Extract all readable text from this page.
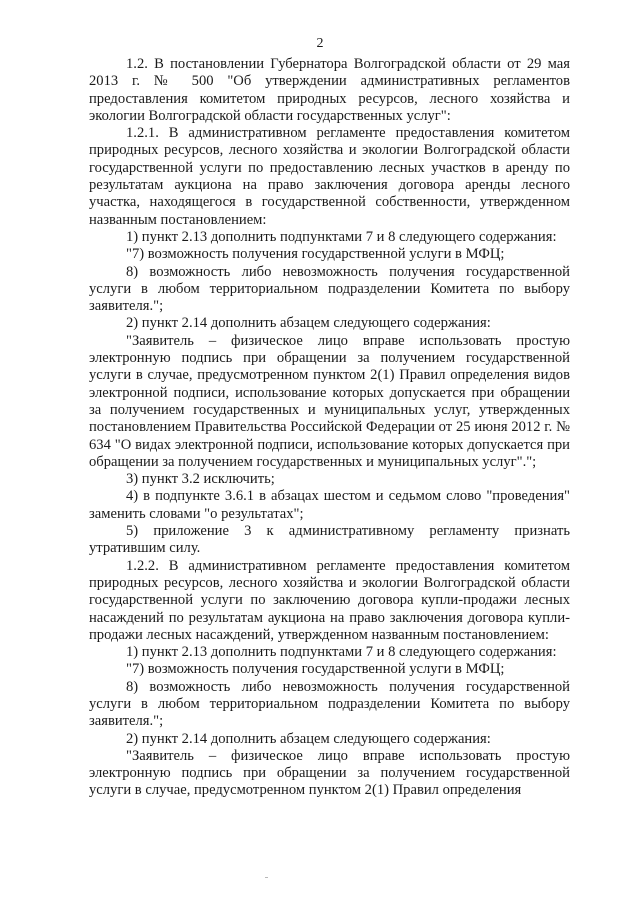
2

1.2. В постановлении Губернатора Волгоградской области от 29 мая 2013 г. № 500 "Об утверждении административных регламентов предоставления комитетом природных ресурсов, лесного хозяйства и экологии Волгоградской области государственных услуг":

1.2.1. В административном регламенте предоставления комитетом природных ресурсов, лесного хозяйства и экологии Волгоградской области государственной услуги по предоставлению лесных участков в аренду по результатам аукциона на право заключения договора аренды лесного участка, находящегося в государственной собственности, утвержденном названным постановлением:

1) пункт 2.13 дополнить подпунктами 7 и 8 следующего содержания:

"7) возможность получения государственной услуги в МФЦ;

8) возможность либо невозможность получения государственной услуги в любом территориальном подразделении Комитета по выбору заявителя.";

2) пункт 2.14 дополнить абзацем следующего содержания:

"Заявитель – физическое лицо вправе использовать простую электронную подпись при обращении за получением государственной услуги в случае, предусмотренном пунктом 2(1) Правил определения видов электронной подписи, использование которых допускается при обращении за получением государственных и муниципальных услуг, утвержденных постановлением Правительства Российской Федерации от 25 июня 2012 г. № 634 "О видах электронной подписи, использование которых допускается при обращении за получением государственных и муниципальных услуг".";

3) пункт 3.2 исключить;

4) в подпункте 3.6.1 в абзацах шестом и седьмом слово "проведения" заменить словами "о результатах";

5) приложение 3 к административному регламенту признать утратившим силу.

1.2.2. В административном регламенте предоставления комитетом природных ресурсов, лесного хозяйства и экологии Волгоградской области государственной услуги по заключению договора купли-продажи лесных насаждений по результатам аукциона на право заключения договора купли-продажи лесных насаждений, утвержденном названным постановлением:

1) пункт 2.13 дополнить подпунктами 7 и 8 следующего содержания:

"7) возможность получения государственной услуги в МФЦ;

8) возможность либо невозможность получения государственной услуги в любом территориальном подразделении Комитета по выбору заявителя.";

2) пункт 2.14 дополнить абзацем следующего содержания:

"Заявитель – физическое лицо вправе использовать простую электронную подпись при обращении за получением государственной услуги в случае, предусмотренном пунктом 2(1) Правил определения
